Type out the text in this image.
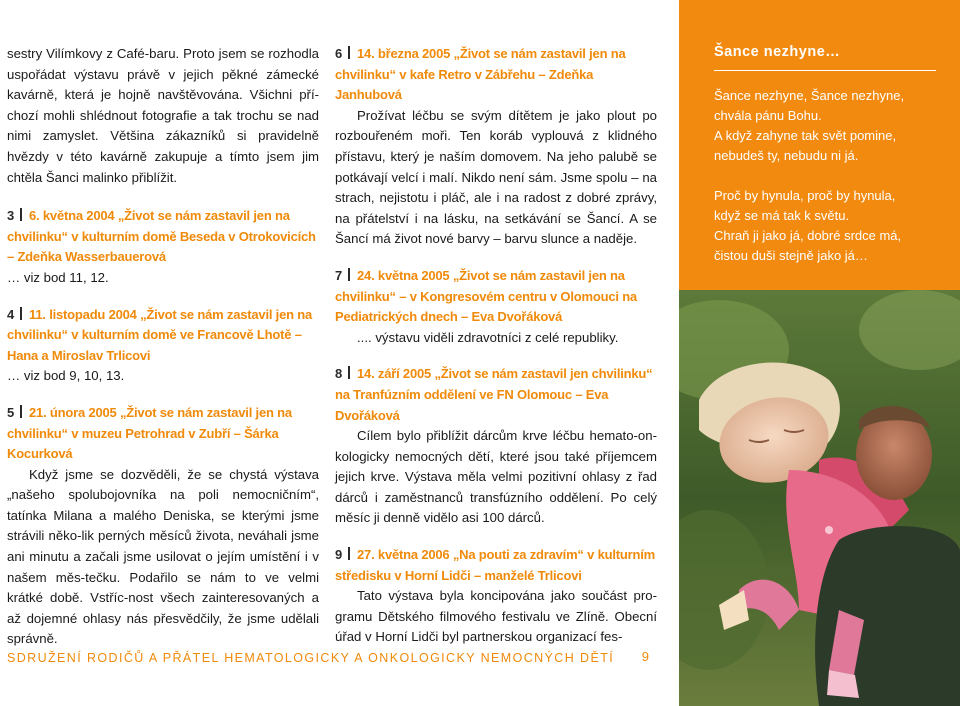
sestry Vilímkovy z Café-baru. Proto jsem se rozhodla uspořádat výstavu právě v jejich pěkné zámecké kavárně, která je hojně navštěvována. Všichni pří-chozí mohli shlédnout fotografie a tak trochu se nad nimi zamyslet. Většina zákazníků si pravidelně hvězdy v této kavárně zakupuje a tímto jsem jim chtěla Šanci malinko přiblížit.

3 6. května 2004 „Život se nám zastavil jen na chvilinku“ v kulturním domě Beseda v Otrokovicích – Zdeňka Wasserbauerová

… viz bod 11, 12.

4 11. listopadu 2004 „Život se nám zastavil jen na chvilinku“ v kulturním domě ve Francově Lhotě – Hana a Miroslav Trlicovi

… viz bod 9, 10, 13.

5 21. února 2005 „Život se nám zastavil jen na chvilinku“ v muzeu Petrohrad v Zubří – Šárka Kocurková

Když jsme se dozvěděli, že se chystá výstava „našeho spolubojovníka na poli nemocničním“, tatínka Milana a malého Deniska, se kterými jsme strávili něko-lik perných měsíců života, neváhali jsme ani minutu a začali jsme usilovat o jejím umístění i v našem měs-tečku. Podařilo se nám to ve velmi krátké době. Vstříc-nost všech zainteresovaných a až dojemné ohlasy nás přesvědčily, že jsme udělali správně.

6 14. března 2005 „Život se nám zastavil jen na chvilinku“ v kafe Retro v Zábřehu – Zdeňka Janhubová

Prožívat léčbu se svým dítětem je jako plout po rozbouřeném moři. Ten koráb vyplouvá z klidného přístavu, který je naším domovem. Na jeho palubě se potkávají velcí i malí. Nikdo není sám. Jsme spolu – na strach, nejistotu i pláč, ale i na radost z dobré zprávy, na přátelství i na lásku, na setkávání se Šancí. A se Šancí má život nové barvy – barvu slunce a naděje.

7 24. května 2005 „Život se nám zastavil jen na chvilinku“ – v Kongresovém centru v Olomouci na Pediatrických dnech – Eva Dvořáková

.... výstavu viděli zdravotníci z celé republiky.

8 14. září 2005 „Život se nám zastavil jen chvilinku“ na Tranfúzním oddělení ve FN Olomouc – Eva Dvořáková

Cílem bylo přiblížit dárcům krve léčbu hemato-on-kologicky nemocných dětí, které jsou také příjemcem jejich krve. Výstava měla velmi pozitivní ohlasy z řad dárců i zaměstnanců transfúzního oddělení. Po celý měsíc ji denně vidělo asi 100 dárců.

9 27. května 2006 „Na pouti za zdravím“ v kulturním středisku v Horní Lidči – manželé Trlicovi

Tato výstava byla koncipována jako součást pro-gramu Dětského filmového festivalu ve Zlíně. Obecní úřad v Horní Lidči byl partnerskou organizací fes-

Šance nezhyne…
Šance nezhyne, Šance nezhyne,
chvála pánu Bohu.
A když zahyne tak svět pomine,
nebudeš ty, nebudu ni já.
Proč by hynula, proč by hynula,
když se má tak k světu.
Chraň ji jako já, dobré srdce má,
čistou duši stejně jako já…
SDRUŽENÍ RODIČŮ A PŘÁTEL HEMATOLOGICKY A ONKOLOGICKY NEMOCNÝCH DĚTÍ 9
